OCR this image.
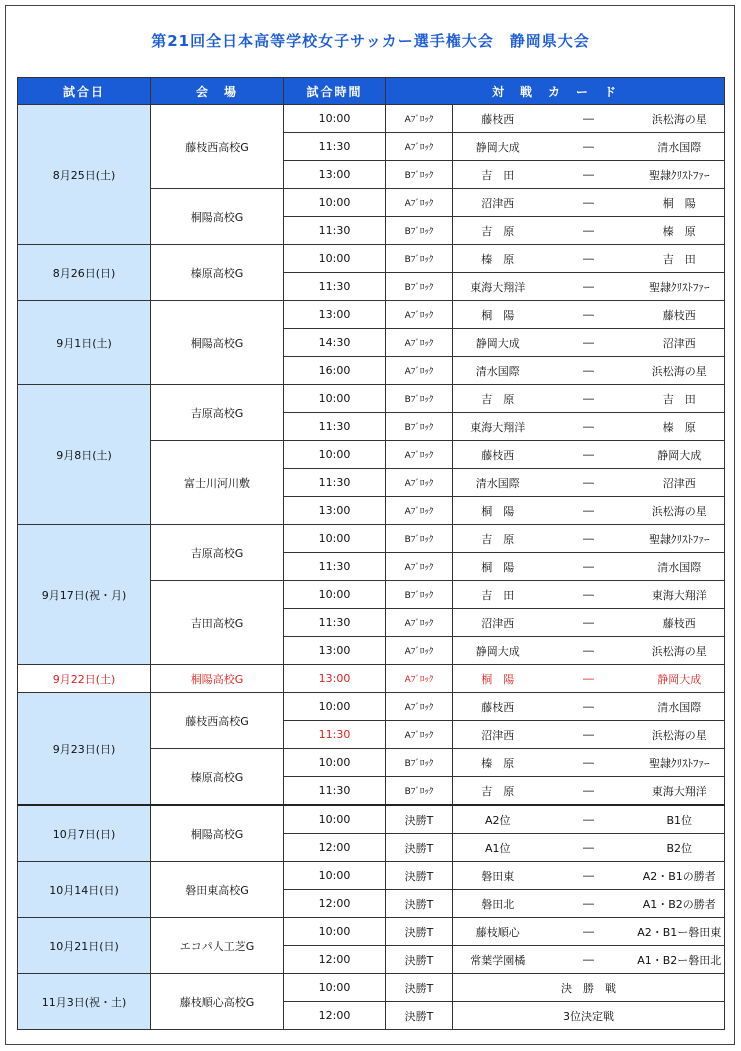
第21回全日本高等学校女子サッカー選手権大会　静岡県大会
試合日	会　場	試合時間	対　戦　カ　ー　ド			
8月25日(土)	藤枝西高校G	10:00	Aﾌﾞﾛｯｸ	藤枝西	―	浜松海の星
		11:30	Aﾌﾞﾛｯｸ	静岡大成	―	清水国際
		13:00	Bﾌﾞﾛｯｸ	吉　田	―	聖隷ｸﾘｽﾄﾌｧｰ
	桐陽高校G	10:00	Aﾌﾞﾛｯｸ	沼津西	―	桐　陽
		11:30	Bﾌﾞﾛｯｸ	吉　原	―	榛　原
8月26日(日)	榛原高校G	10:00	Bﾌﾞﾛｯｸ	榛　原	―	吉　田
		11:30	Bﾌﾞﾛｯｸ	東海大翔洋	―	聖隷ｸﾘｽﾄﾌｧｰ
9月1日(土)	桐陽高校G	13:00	Aﾌﾞﾛｯｸ	桐　陽	―	藤枝西
		14:30	Aﾌﾞﾛｯｸ	静岡大成	―	沼津西
		16:00	Aﾌﾞﾛｯｸ	清水国際	―	浜松海の星
9月8日(土)	吉原高校G	10:00	Bﾌﾞﾛｯｸ	吉　原	―	吉　田
		11:30	Bﾌﾞﾛｯｸ	東海大翔洋	―	榛　原
	富士川河川敷	10:00	Aﾌﾞﾛｯｸ	藤枝西	―	静岡大成
		11:30	Aﾌﾞﾛｯｸ	清水国際	―	沼津西
		13:00	Aﾌﾞﾛｯｸ	桐　陽	―	浜松海の星
9月17日(祝・月)	吉原高校G	10:00	Bﾌﾞﾛｯｸ	吉　原	―	聖隷ｸﾘｽﾄﾌｧｰ
		11:30	Aﾌﾞﾛｯｸ	桐　陽	―	清水国際
	吉田高校G	10:00	Bﾌﾞﾛｯｸ	吉　田	―	東海大翔洋
		11:30	Aﾌﾞﾛｯｸ	沼津西	―	藤枝西
		13:00	Aﾌﾞﾛｯｸ	静岡大成	―	浜松海の星
9月22日(土)	桐陽高校G	13:00	Aﾌﾞﾛｯｸ	桐　陽	―	静岡大成
9月23日(日)	藤枝西高校G	10:00	Aﾌﾞﾛｯｸ	藤枝西	―	清水国際
		11:30	Aﾌﾞﾛｯｸ	沼津西	―	浜松海の星
	榛原高校G	10:00	Bﾌﾞﾛｯｸ	榛　原	―	聖隷ｸﾘｽﾄﾌｧｰ
		11:30	Bﾌﾞﾛｯｸ	吉　原	―	東海大翔洋
10月7日(日)	桐陽高校G	10:00	決勝T	A2位	―	B1位
		12:00	決勝T	A1位	―	B2位
10月14日(日)	磐田東高校G	10:00	決勝T	磐田東	―	A2・B1の勝者
		12:00	決勝T	磐田北	―	A1・B2の勝者
10月21日(日)	エコパ人工芝G	10:00	決勝T	藤枝順心	―	A2・B1ー磐田東
		12:00	決勝T	常葉学園橘	―	A1・B2ー磐田北
11月3日(祝・土)	藤枝順心高校G	10:00	決勝T	決　勝　戦		
		12:00	決勝T	3位決定戦		
